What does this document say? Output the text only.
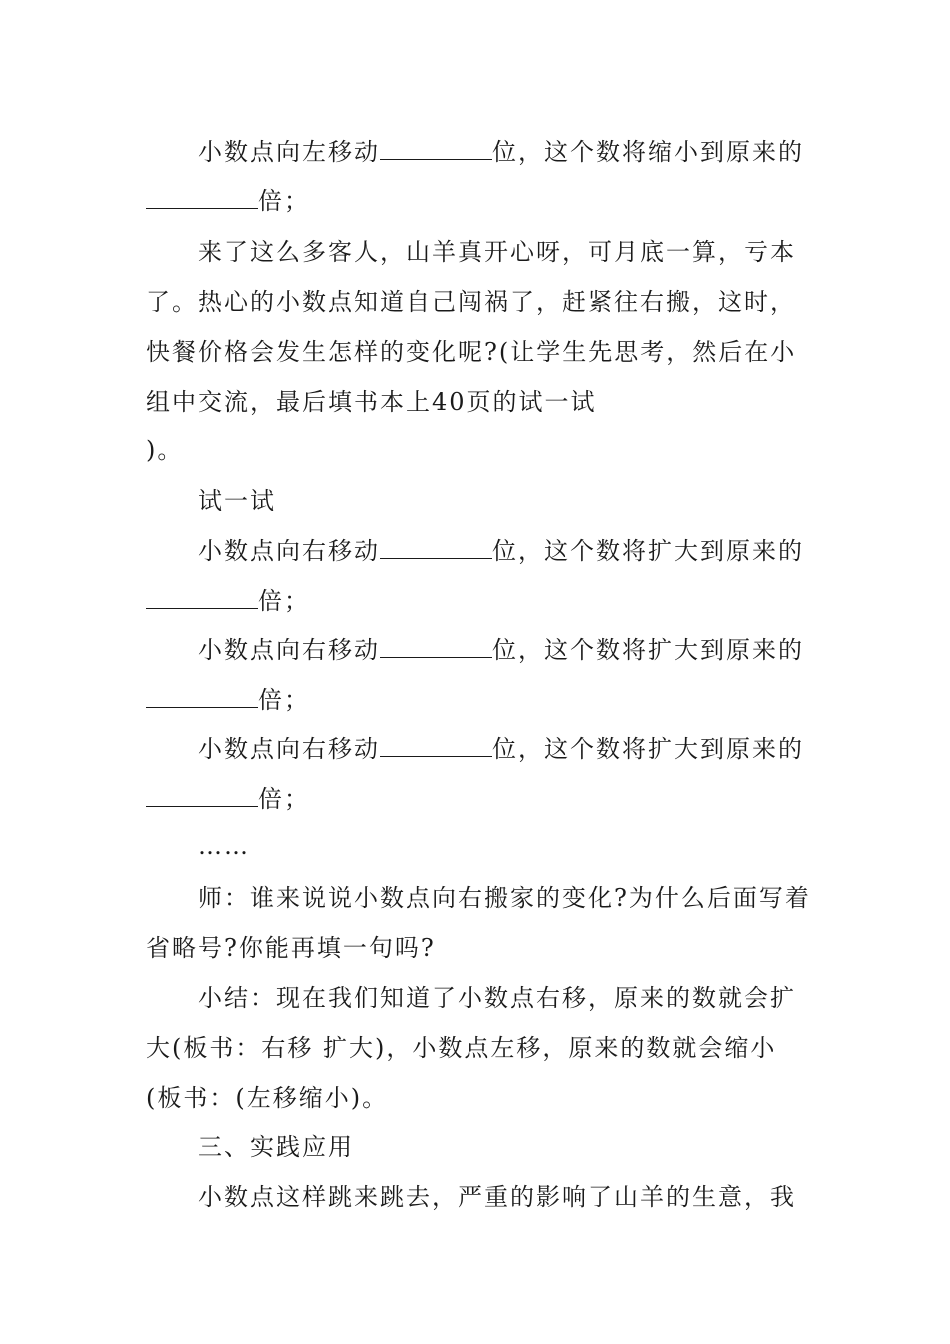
小数点向左移动	位，这个数将缩小到原来的
倍；
来了这么多客人，山羊真开心呀，可月底一算，亏本
了。热心的小数点知道自己闯祸了，赶紧往右搬，这时，
快餐价格会发生怎样的变化呢?(让学生先思考，然后在小
组中交流，最后填书本上40页的试一试
)。
试一试
小数点向右移动	位，这个数将扩大到原来的
倍；
小数点向右移动	位，这个数将扩大到原来的
倍；
小数点向右移动	位，这个数将扩大到原来的
倍；
……
师：谁来说说小数点向右搬家的变化?为什么后面写着
省略号?你能再填一句吗?
小结：现在我们知道了小数点右移，原来的数就会扩
大(板书：右移 扩大)，小数点左移，原来的数就会缩小
(板书：(左移缩小)。
三、实践应用
小数点这样跳来跳去，严重的影响了山羊的生意，我
